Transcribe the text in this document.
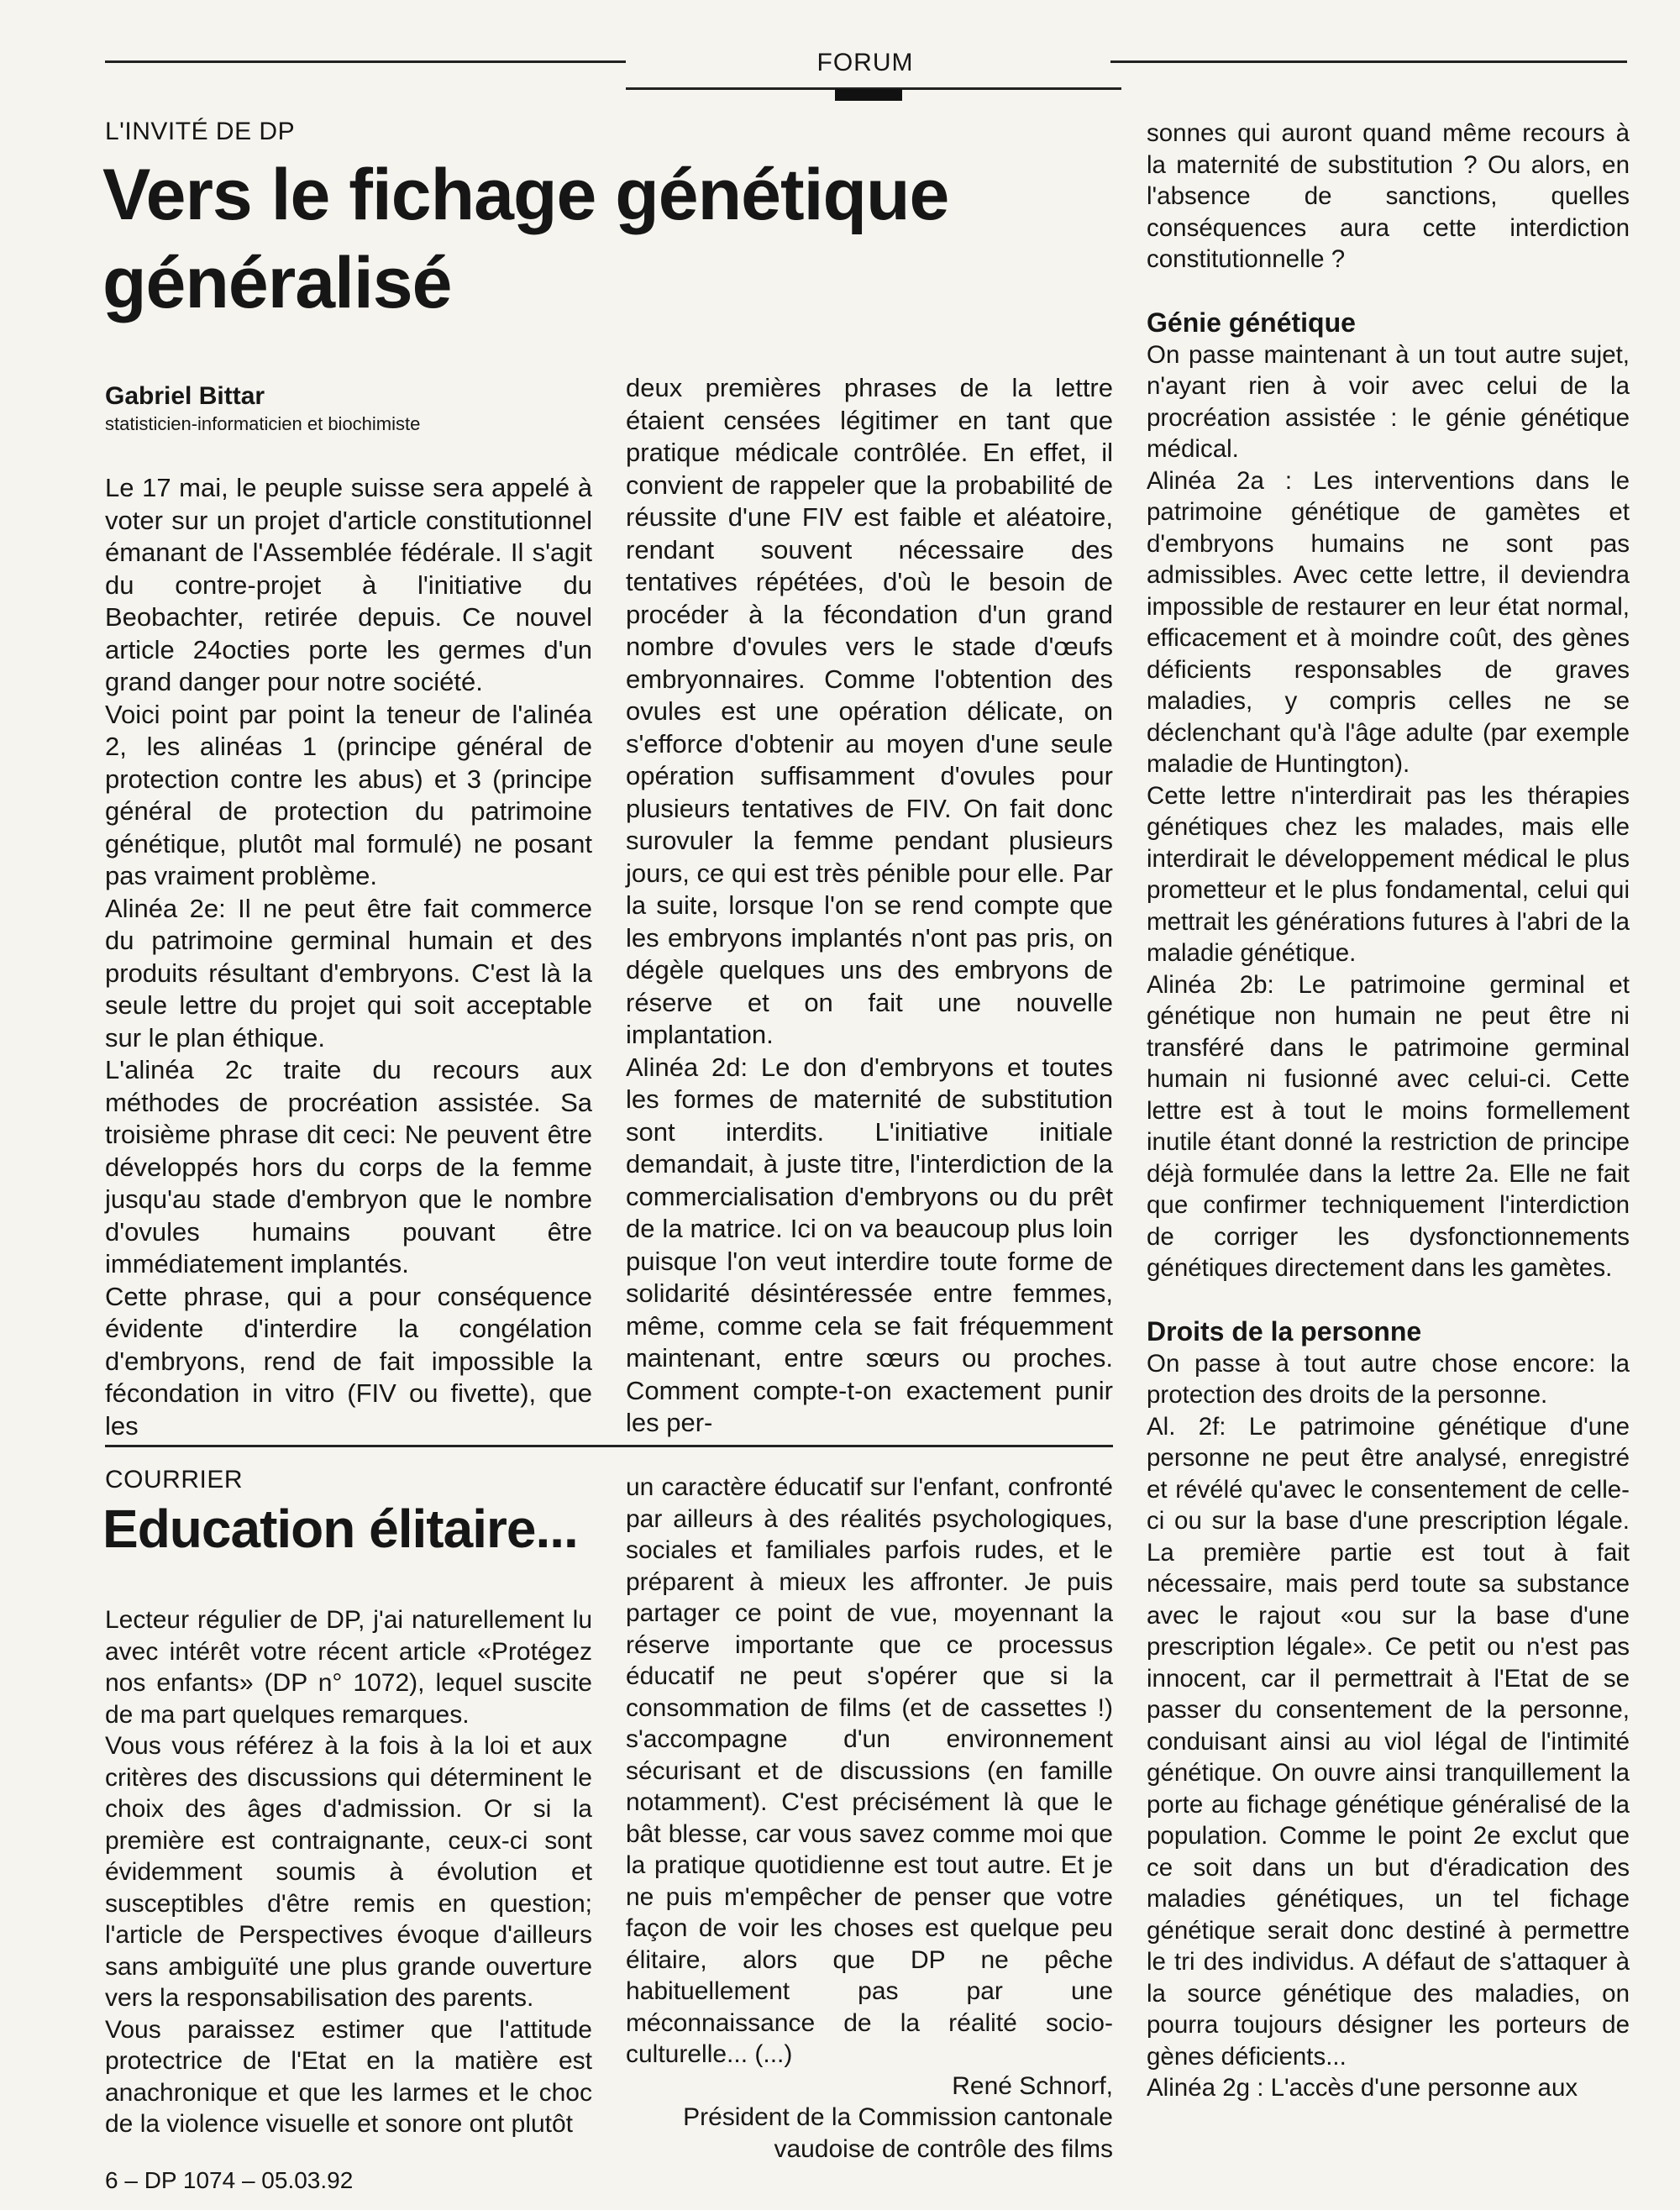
FORUM
L'INVITÉ DE DP
Vers le fichage génétique
généralisé
Gabriel Bittar
statisticien-informaticien et biochimiste

Le 17 mai, le peuple suisse sera appelé à voter sur un projet d'article constitutionnel émanant de l'Assemblée fédérale. Il s'agit du contre-projet à l'initiative du Beobachter, retirée depuis. Ce nouvel article 24octies porte les germes d'un grand danger pour notre société.

Voici point par point la teneur de l'alinéa 2, les alinéas 1 (principe général de protection contre les abus) et 3 (principe général de protection du patrimoine génétique, plutôt mal formulé) ne posant pas vraiment problème.

Alinéa 2e: Il ne peut être fait commerce du patrimoine germinal humain et des produits résultant d'embryons. C'est là la seule lettre du projet qui soit acceptable sur le plan éthique.

L'alinéa 2c traite du recours aux méthodes de procréation assistée. Sa troisième phrase dit ceci: Ne peuvent être développés hors du corps de la femme jusqu'au stade d'embryon que le nombre d'ovules humains pouvant être immédiatement implantés.

Cette phrase, qui a pour conséquence évidente d'interdire la congélation d'embryons, rend de fait impossible la fécondation in vitro (FIV ou fivette), que les

deux premières phrases de la lettre étaient censées légitimer en tant que pratique médicale contrôlée. En effet, il convient de rappeler que la probabilité de réussite d'une FIV est faible et aléatoire, rendant souvent nécessaire des tentatives répétées, d'où le besoin de procéder à la fécondation d'un grand nombre d'ovules vers le stade d'œufs embryonnaires. Comme l'obtention des ovules est une opération délicate, on s'efforce d'obtenir au moyen d'une seule opération suffisamment d'ovules pour plusieurs tentatives de FIV. On fait donc surovuler la femme pendant plusieurs jours, ce qui est très pénible pour elle. Par la suite, lorsque l'on se rend compte que les embryons implantés n'ont pas pris, on dégèle quelques uns des embryons de réserve et on fait une nouvelle implantation.

Alinéa 2d: Le don d'embryons et toutes les formes de maternité de substitution sont interdits. L'initiative initiale demandait, à juste titre, l'interdiction de la commercialisation d'embryons ou du prêt de la matrice. Ici on va beaucoup plus loin puisque l'on veut interdire toute forme de solidarité désintéressée entre femmes, même, comme cela se fait fréquemment maintenant, entre sœurs ou proches. Comment compte-t-on exactement punir les per-

sonnes qui auront quand même recours à la maternité de substitution ? Ou alors, en l'absence de sanctions, quelles conséquences aura cette interdiction constitutionnelle ?

Génie génétique

On passe maintenant à un tout autre sujet, n'ayant rien à voir avec celui de la procréation assistée : le génie génétique médical.

Alinéa 2a : Les interventions dans le patrimoine génétique de gamètes et d'embryons humains ne sont pas admissibles. Avec cette lettre, il deviendra impossible de restaurer en leur état normal, efficacement et à moindre coût, des gènes déficients responsables de graves maladies, y compris celles ne se déclenchant qu'à l'âge adulte (par exemple maladie de Huntington).

Cette lettre n'interdirait pas les thérapies génétiques chez les malades, mais elle interdirait le développement médical le plus prometteur et le plus fondamental, celui qui mettrait les générations futures à l'abri de la maladie génétique.

Alinéa 2b: Le patrimoine germinal et génétique non humain ne peut être ni transféré dans le patrimoine germinal humain ni fusionné avec celui-ci. Cette lettre est à tout le moins formellement inutile étant donné la restriction de principe déjà formulée dans la lettre 2a. Elle ne fait que confirmer techniquement l'interdiction de corriger les dysfonctionnements génétiques directement dans les gamètes.

Droits de la personne

On passe à tout autre chose encore: la protection des droits de la personne.

Al. 2f: Le patrimoine génétique d'une personne ne peut être analysé, enregistré et révélé qu'avec le consentement de celle-ci ou sur la base d'une prescription légale. La première partie est tout à fait nécessaire, mais perd toute sa substance avec le rajout «ou sur la base d'une prescription légale». Ce petit ou n'est pas innocent, car il permettrait à l'Etat de se passer du consentement de la personne, conduisant ainsi au viol légal de l'intimité génétique. On ouvre ainsi tranquillement la porte au fichage génétique généralisé de la population. Comme le point 2e exclut que ce soit dans un but d'éradication des maladies génétiques, un tel fichage génétique serait donc destiné à permettre le tri des individus. A défaut de s'attaquer à la source génétique des maladies, on pourra toujours désigner les porteurs de gènes déficients...

Alinéa 2g : L'accès d'une personne aux

COURRIER
Education élitaire...

Lecteur régulier de DP, j'ai naturellement lu avec intérêt votre récent article «Protégez nos enfants» (DP n° 1072), lequel suscite de ma part quelques remarques.

Vous vous référez à la fois à la loi et aux critères des discussions qui déterminent le choix des âges d'admission. Or si la première est contraignante, ceux-ci sont évidemment soumis à évolution et susceptibles d'être remis en question; l'article de Perspectives évoque d'ailleurs sans ambiguïté une plus grande ouverture vers la responsabilisation des parents.

Vous paraissez estimer que l'attitude protectrice de l'Etat en la matière est anachronique et que les larmes et le choc de la violence visuelle et sonore ont plutôt

un caractère éducatif sur l'enfant, confronté par ailleurs à des réalités psychologiques, sociales et familiales parfois rudes, et le préparent à mieux les affronter. Je puis partager ce point de vue, moyennant la réserve importante que ce processus éducatif ne peut s'opérer que si la consommation de films (et de cassettes !) s'accompagne d'un environnement sécurisant et de discussions (en famille notamment). C'est précisément là que le bât blesse, car vous savez comme moi que la pratique quotidienne est tout autre. Et je ne puis m'empêcher de penser que votre façon de voir les choses est quelque peu élitaire, alors que DP ne pêche habituellement pas par une méconnaissance de la réalité socio-culturelle... (...)

René Schnorf,
Président de la Commission cantonale
vaudoise de contrôle des films
6 – DP 1074 – 05.03.92
